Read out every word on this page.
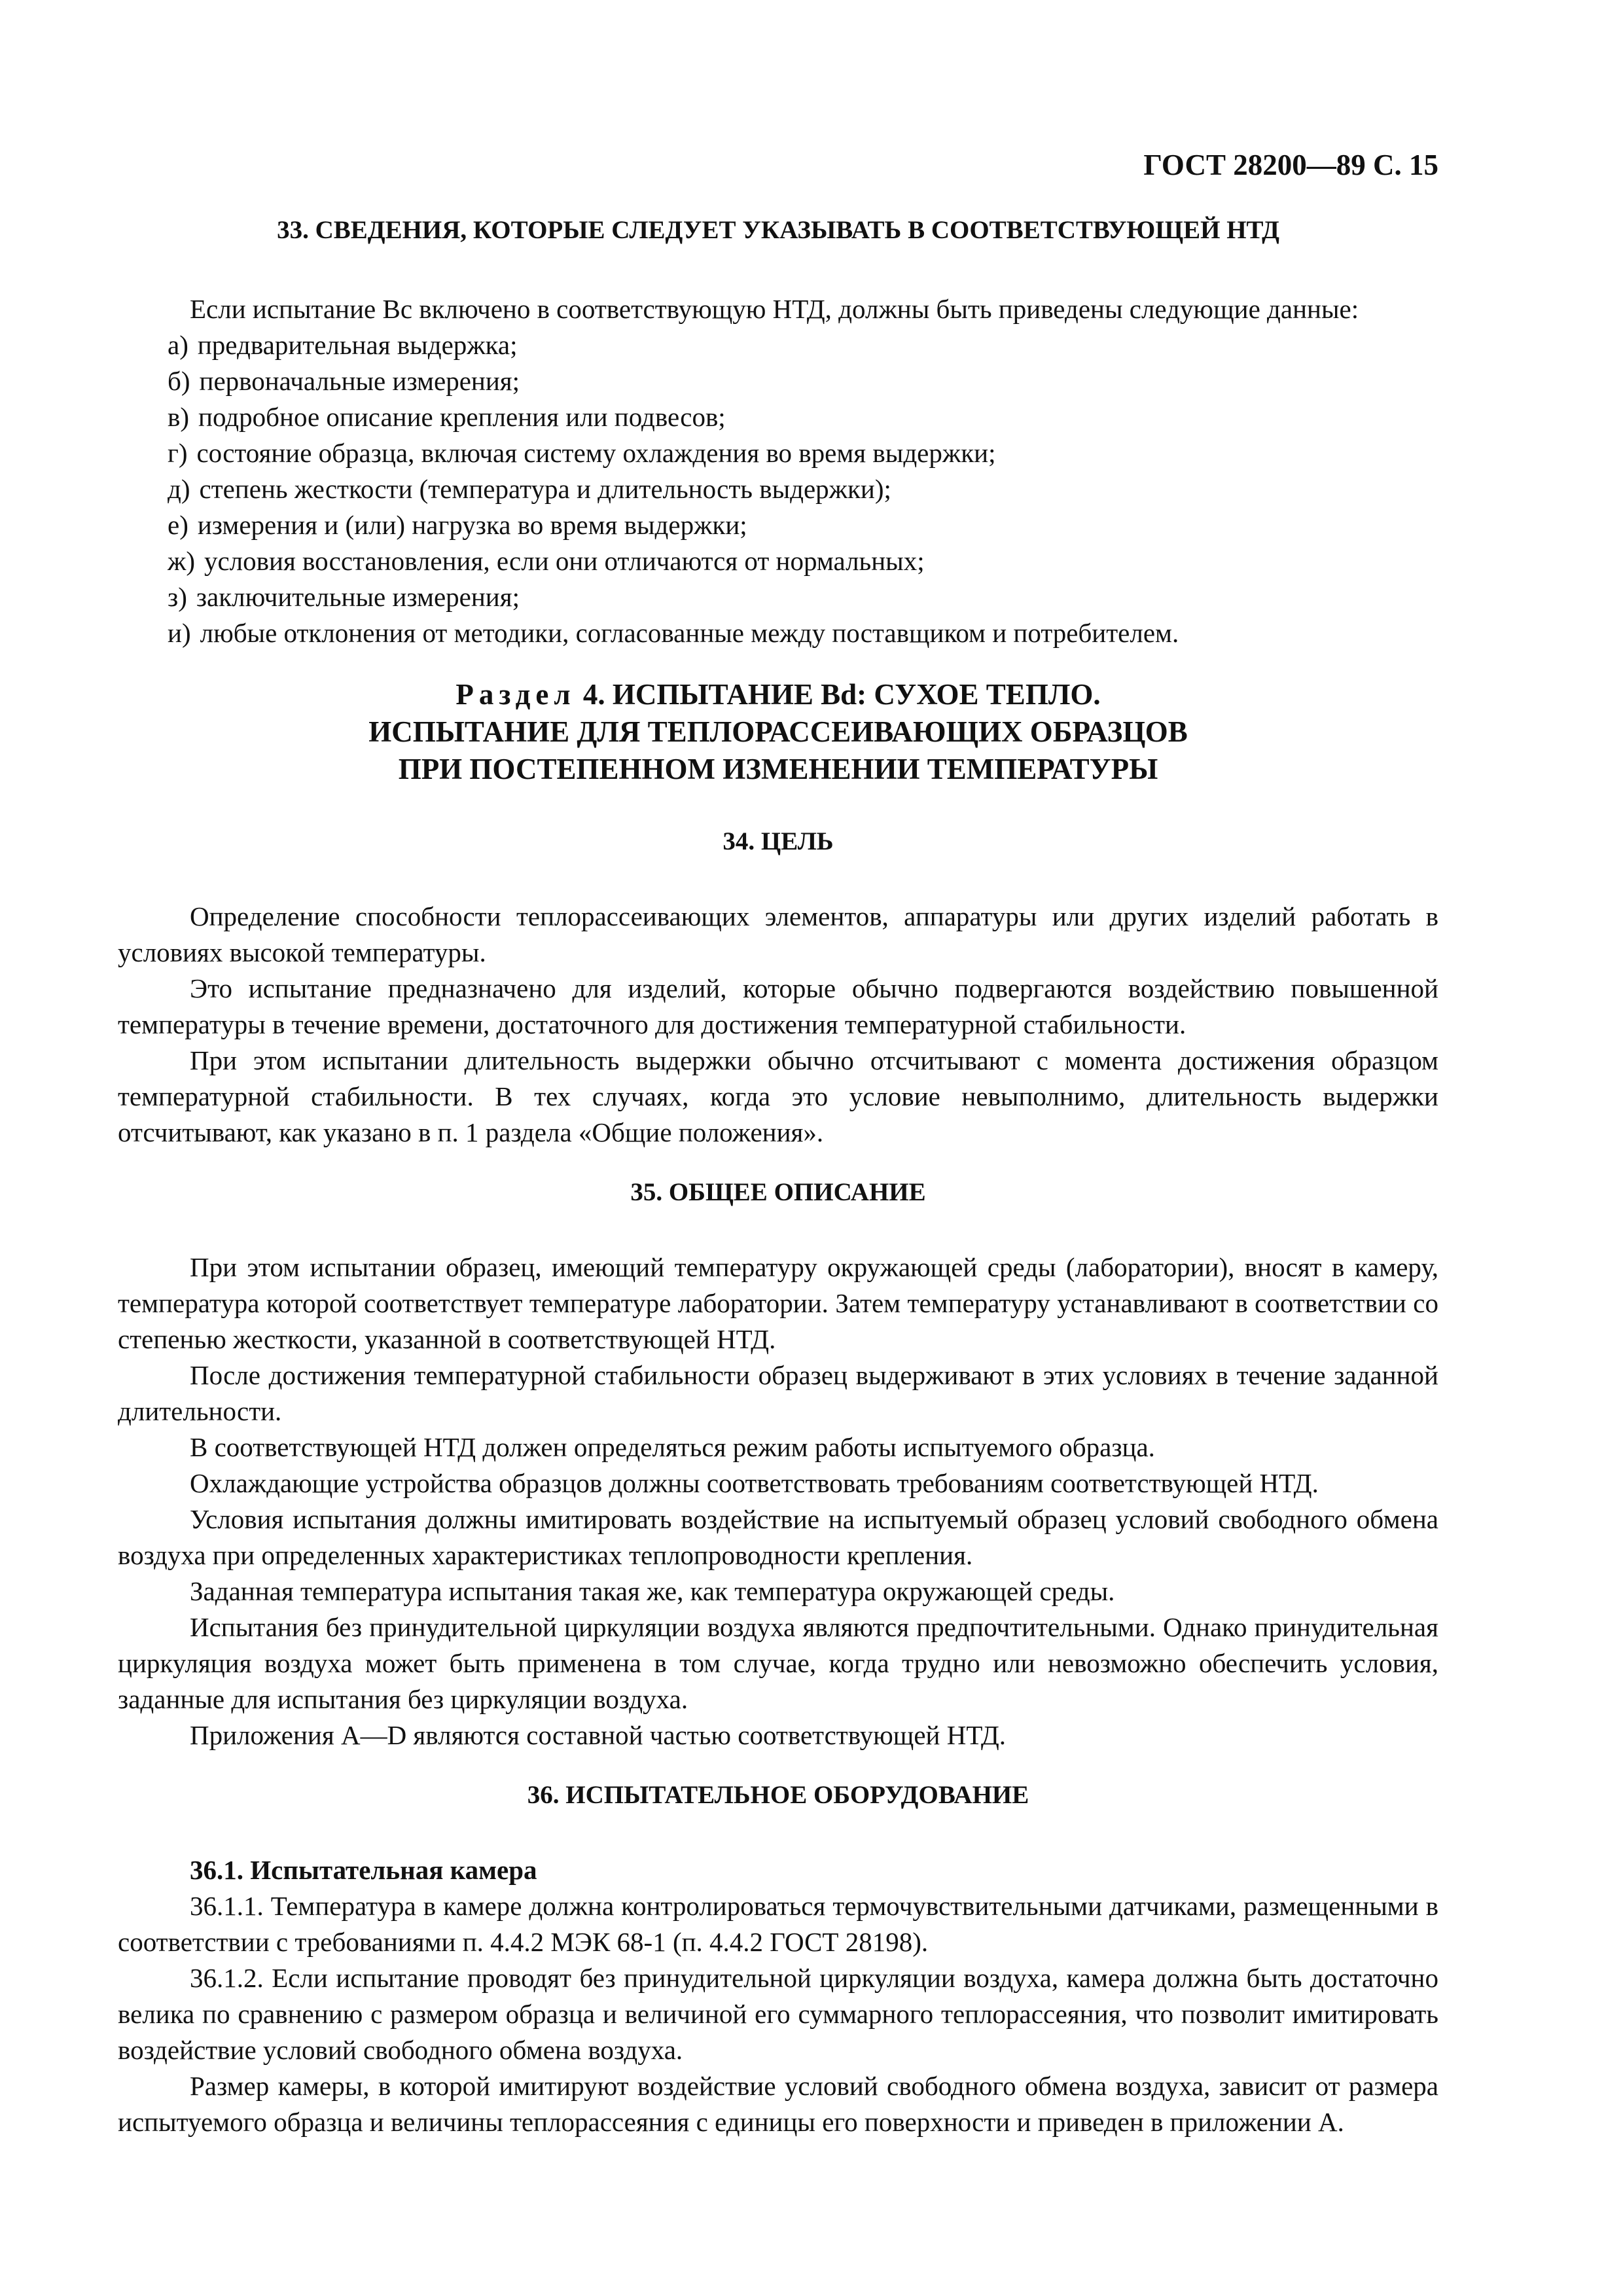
ГОСТ 28200—89 С. 15
33. СВЕДЕНИЯ, КОТОРЫЕ СЛЕДУЕТ УКАЗЫВАТЬ В СООТВЕТСТВУЮЩЕЙ НТД

Если испытание Вс включено в соответствующую НТД, должны быть приведены следующие данные:

а) предварительная выдержка;
б) первоначальные измерения;
в) подробное описание крепления или подвесов;
г) состояние образца, включая систему охлаждения во время выдержки;
д) степень жесткости (температура и длительность выдержки);
е) измерения и (или) нагрузка во время выдержки;
ж) условия восстановления, если они отличаются от нормальных;
з) заключительные измерения;
и) любые отклонения от методики, согласованные между поставщиком и потребителем.
Раздел 4. ИСПЫТАНИЕ Bd: СУХОЕ ТЕПЛО.
ИСПЫТАНИЕ ДЛЯ ТЕПЛОРАССЕИВАЮЩИХ ОБРАЗЦОВ
ПРИ ПОСТЕПЕННОМ ИЗМЕНЕНИИ ТЕМПЕРАТУРЫ
34. ЦЕЛЬ

Определение способности теплорассеивающих элементов, аппаратуры или других изделий работать в условиях высокой температуры.

Это испытание предназначено для изделий, которые обычно подвергаются воздействию повышенной температуры в течение времени, достаточного для достижения температурной стабильности.

При этом испытании длительность выдержки обычно отсчитывают с момента достижения образцом температурной стабильности. В тех случаях, когда это условие невыполнимо, длительность выдержки отсчитывают, как указано в п. 1 раздела «Общие положения».

35. ОБЩЕЕ ОПИСАНИЕ

При этом испытании образец, имеющий температуру окружающей среды (лаборатории), вносят в камеру, температура которой соответствует температуре лаборатории. Затем температуру устанавливают в соответствии со степенью жесткости, указанной в соответствующей НТД.

После достижения температурной стабильности образец выдерживают в этих условиях в течение заданной длительности.

В соответствующей НТД должен определяться режим работы испытуемого образца.

Охлаждающие устройства образцов должны соответствовать требованиям соответствующей НТД.

Условия испытания должны имитировать воздействие на испытуемый образец условий свободного обмена воздуха при определенных характеристиках теплопроводности крепления.

Заданная температура испытания такая же, как температура окружающей среды.

Испытания без принудительной циркуляции воздуха являются предпочтительными. Однако принудительная циркуляция воздуха может быть применена в том случае, когда трудно или невозможно обеспечить условия, заданные для испытания без циркуляции воздуха.

Приложения A—D являются составной частью соответствующей НТД.

36. ИСПЫТАТЕЛЬНОЕ ОБОРУДОВАНИЕ

36.1. Испытательная камера

36.1.1. Температура в камере должна контролироваться термочувствительными датчиками, размещенными в соответствии с требованиями п. 4.4.2 МЭК 68-1 (п. 4.4.2 ГОСТ 28198).

36.1.2. Если испытание проводят без принудительной циркуляции воздуха, камера должна быть достаточно велика по сравнению с размером образца и величиной его суммарного теплорассеяния, что позволит имитировать воздействие условий свободного обмена воздуха.

Размер камеры, в которой имитируют воздействие условий свободного обмена воздуха, зависит от размера испытуемого образца и величины теплорассеяния с единицы его поверхности и приведен в приложении А.
